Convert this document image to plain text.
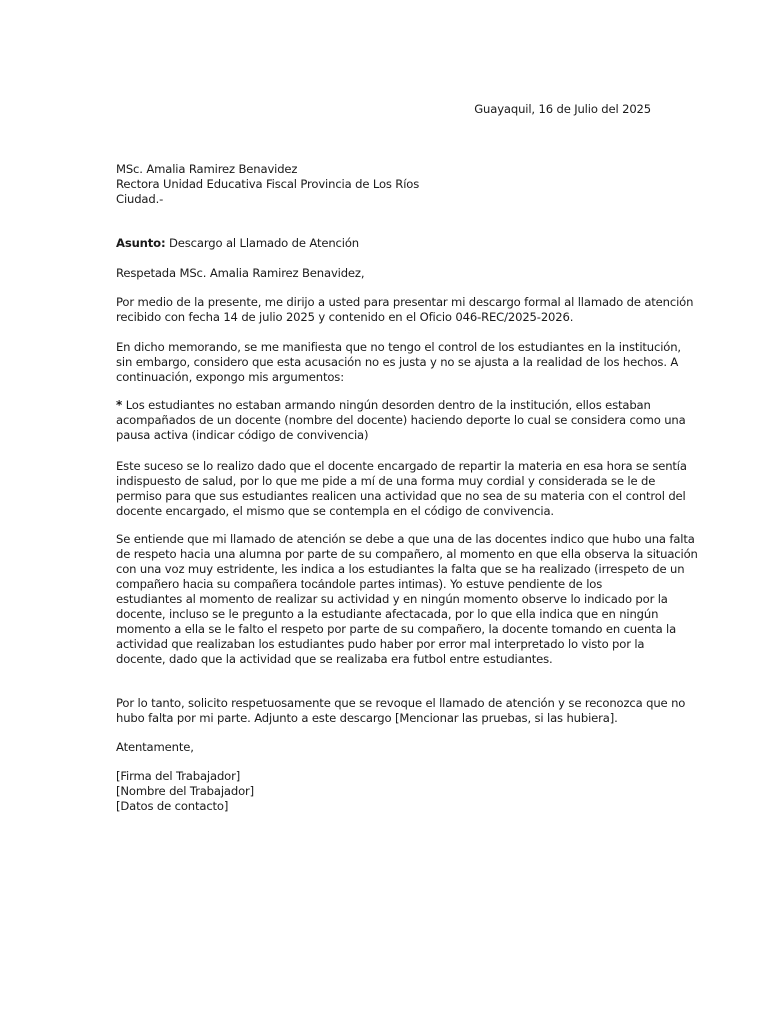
Guayaquil, 16 de Julio del 2025
MSc. Amalia Ramirez Benavidez
Rectora Unidad Educativa Fiscal Provincia de Los Ríos
Ciudad.-
Asunto: Descargo al Llamado de Atención
Respetada MSc. Amalia Ramirez Benavidez,
Por medio de la presente, me dirijo a usted para presentar mi descargo formal al llamado de atención
recibido con fecha 14 de julio 2025 y contenido en el Oficio 046-REC/2025-2026.
En dicho memorando, se me manifiesta que no tengo el control de los estudiantes en la institución,
sin embargo, considero que esta acusación no es justa y no se ajusta a la realidad de los hechos. A
continuación, expongo mis argumentos:
* Los estudiantes no estaban armando ningún desorden dentro de la institución, ellos estaban
acompañados de un docente (nombre del docente) haciendo deporte lo cual se considera como una
pausa activa (indicar código de convivencia)
Este suceso se lo realizo dado que el docente encargado de repartir la materia en esa hora se sentía
indispuesto de salud, por lo que me pide a mí de una forma muy cordial y considerada se le de
permiso para que sus estudiantes realicen una actividad que no sea de su materia con el control del
docente encargado, el mismo que se contempla en el código de convivencia.
Se entiende que mi llamado de atención se debe a que una de las docentes indico que hubo una falta
de respeto hacia una alumna por parte de su compañero, al momento en que ella observa la situación
con una voz muy estridente, les indica a los estudiantes la falta que se ha realizado (irrespeto de un
compañero hacia su compañera tocándole partes intimas). Yo estuve pendiente de los
estudiantes al momento de realizar su actividad y en ningún momento observe lo indicado por la
docente, incluso se le pregunto a la estudiante afectacada, por lo que ella indica que en ningún
momento a ella se le falto el respeto por parte de su compañero, la docente tomando en cuenta la
actividad que realizaban los estudiantes pudo haber por error mal interpretado lo visto por la
docente, dado que la actividad que se realizaba era futbol entre estudiantes.
Por lo tanto, solicito respetuosamente que se revoque el llamado de atención y se reconozca que no
hubo falta por mi parte. Adjunto a este descargo [Mencionar las pruebas, si las hubiera].
Atentamente,
[Firma del Trabajador]
[Nombre del Trabajador]
[Datos de contacto]
